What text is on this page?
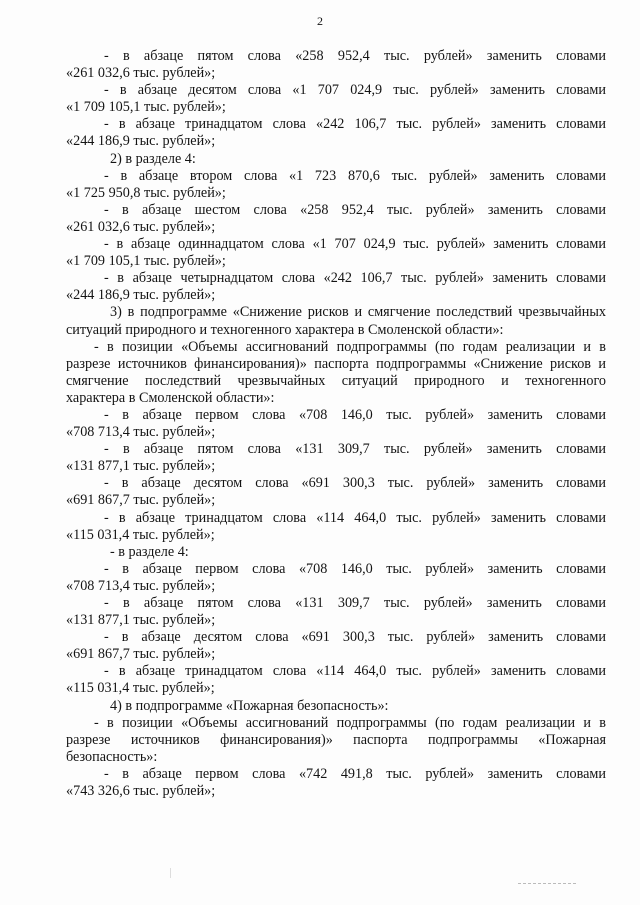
2
- в абзаце пятом слова «258 952,4 тыс. рублей» заменить словами
«261 032,6 тыс. рублей»;
- в абзаце десятом слова «1 707 024,9 тыс. рублей» заменить словами
«1 709 105,1 тыс. рублей»;
- в абзаце тринадцатом слова «242 106,7 тыс. рублей» заменить словами
«244 186,9 тыс. рублей»;
2) в разделе 4:
- в абзаце втором слова «1 723 870,6 тыс. рублей» заменить словами
«1 725 950,8 тыс. рублей»;
- в абзаце шестом слова «258 952,4 тыс. рублей» заменить словами
«261 032,6 тыс. рублей»;
- в абзаце одиннадцатом слова «1 707 024,9 тыс. рублей» заменить словами
«1 709 105,1 тыс. рублей»;
- в абзаце четырнадцатом слова «242 106,7 тыс. рублей» заменить словами
«244 186,9 тыс. рублей»;
3) в подпрограмме «Снижение рисков и смягчение последствий чрезвычайных
ситуаций природного и техногенного характера в Смоленской области»:
- в позиции «Объемы ассигнований подпрограммы (по годам реализации и в
разрезе источников финансирования)» паспорта подпрограммы «Снижение рисков и
смягчение последствий чрезвычайных ситуаций природного и техногенного
характера в Смоленской области»:
- в абзаце первом слова «708 146,0 тыс. рублей» заменить словами
«708 713,4 тыс. рублей»;
- в абзаце пятом слова «131 309,7 тыс. рублей» заменить словами
«131 877,1 тыс. рублей»;
- в абзаце десятом слова «691 300,3 тыс. рублей» заменить словами
«691 867,7 тыс. рублей»;
- в абзаце тринадцатом слова «114 464,0 тыс. рублей» заменить словами
«115 031,4 тыс. рублей»;
- в разделе 4:
- в абзаце первом слова «708 146,0 тыс. рублей» заменить словами
«708 713,4 тыс. рублей»;
- в абзаце пятом слова «131 309,7 тыс. рублей» заменить словами
«131 877,1 тыс. рублей»;
- в абзаце десятом слова «691 300,3 тыс. рублей» заменить словами
«691 867,7 тыс. рублей»;
- в абзаце тринадцатом слова «114 464,0 тыс. рублей» заменить словами
«115 031,4 тыс. рублей»;
4) в подпрограмме «Пожарная безопасность»:
- в позиции «Объемы ассигнований подпрограммы (по годам реализации и в
разрезе источников финансирования)» паспорта подпрограммы «Пожарная
безопасность»:
- в абзаце первом слова «742 491,8 тыс. рублей» заменить словами
«743 326,6 тыс. рублей»;
